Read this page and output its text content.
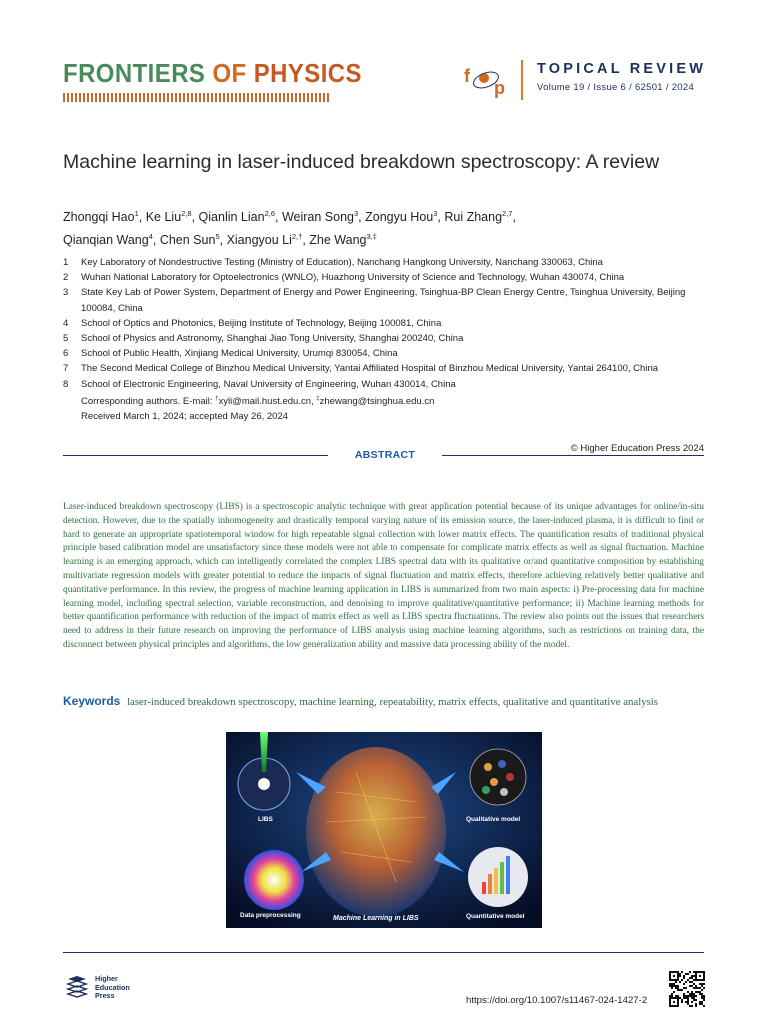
FRONTIERS OF PHYSICS	f
p
TOPICAL REVIEW
Volume 19 / Issue 6 / 62501 / 2024
Machine learning in laser-induced breakdown spectroscopy: A review
Zhongqi Hao$^1$, Ke Liu$^{2,8}$, Qianlin Lian$^{2,6}$, Weiran Song$^3$, Zongyu Hou$^3$, Rui Zhang$^{2,7}$,
Qianqian Wang$^4$, Chen Sun$^5$, Xiangyou $Li^{2,\dagger}$, Zhe Wang$^{3,\ddagger}$
1	Key Laboratory of Nondestructive Testing (Ministry of Education), Nanchang Hangkong University, Nanchang 330063, China
2	Wuhan National Laboratory for Optoelectronics (WNLO), Huazhong University of Science and Technology, Wuhan 430074, China
3	State Key Lab of Power System, Department of Energy and Power Engineering, Tsinghua-BP Clean Energy Centre, Tsinghua University, Beijing 100084, China
4	School of Optics and Photonics, Beijing Institute of Technology, Beijing 100081, China
5	School of Physics and Astronomy, Shanghai Jiao Tong University, Shanghai 200240, China
6	School of Public Health, Xinjiang Medical University, Urumqi 830054, China
7	The Second Medical College of Binzhou Medical University, Yantai Affiliated Hospital of Binzhou Medical University, Yantai 264100, China
8	School of Electronic Engineering, Naval University of Engineering, Wuhan 430014, China
Corresponding authors. E-mail: †xyli@mail.hust.edu.cn, ‡zhewang@tsinghua.edu.cn
Received March 1, 2024; accepted May 26, 2024
© Higher Education Press 2024
ABSTRACT
Laser-induced breakdown spectroscopy (LIBS) is a spectroscopic analytic technique with great application potential because of its unique advantages for online/in-situ detection. However, due to the spatially inhomogeneity and drastically temporal varying nature of its emission source, the laser-induced plasma, it is difficult to find or hard to generate an appropriate spatiotemporal window for high repeatable signal collection with lower matrix effects. The quantification results of traditional physical principle based calibration model are unsatisfactory since these models were not able to compensate for complicate matrix effects as well as signal fluctuation. Machine learning is an emerging approach, which can intelligently correlated the complex LIBS spectral data with its qualitative or/and quantitative composition by establishing multivariate regression models with greater potential to reduce the impacts of signal fluctuation and matrix effects, therefore achieving relatively better qualitative and quantitative performance. In this review, the progress of machine learning application in LIBS is summarized from two main aspects: i) Pre-processing data for machine learning model, including spectral selection, variable reconstruction, and denoising to improve qualitative/quantitative performance; ii) Machine learning methods for better quantification performance with reduction of the impact of matrix effect as well as LIBS spectra fluctuations. The review also points out the issues that researchers need to address in their future research on improving the performance of LIBS analysis using machine learning algorithms, such as restrictions on training data, the disconnect between physical principles and algorithms, the low generalization ability and massive data processing ability of the model.
Keywords laser-induced breakdown spectroscopy, machine learning, repeatability, matrix effects, qualitative and quantitative analysis
LIBS	Qualitative model
Data preprocessing	Quantitative model
Machine Learning in LIBS
Higher
Education
Press	https://doi.org/10.1007/s11467-024-1427-2
